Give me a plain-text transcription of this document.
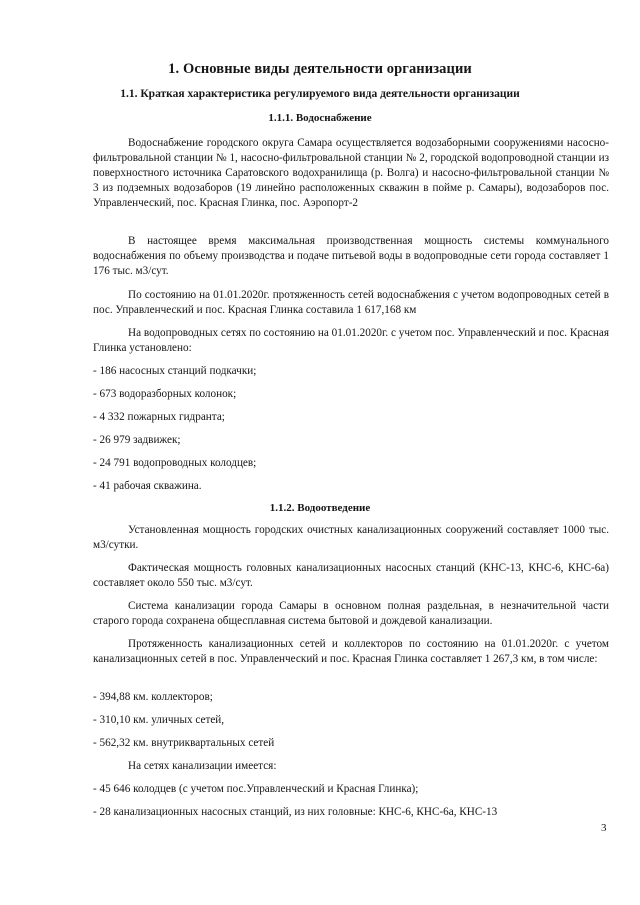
1. Основные виды деятельности организации
1.1. Краткая характеристика регулируемого вида деятельности организации
1.1.1. Водоснабжение

Водоснабжение городского округа Самара осуществляется водозаборными сооружениями насосно-фильтровальной станции № 1, насосно-фильтровальной станции № 2, городской водопроводной станции из поверхностного источника Саратовского водохранилища (р. Волга) и насосно-фильтровальной станции № 3 из подземных водозаборов (19 линейно расположенных скважин в пойме р. Самары), водозаборов пос. Управленческий, пос. Красная Глинка, пос. Аэропорт-2

В настоящее время максимальная производственная мощность системы коммунального водоснабжения по объему производства и подаче питьевой воды в водопроводные сети города составляет 1 176 тыс. м3/сут.

По состоянию на 01.01.2020г. протяженность сетей водоснабжения с учетом водопроводных сетей в пос. Управленческий и пос. Красная Глинка составила 1 617,168 км

На водопроводных сетях по состоянию на 01.01.2020г. с учетом пос. Управленческий и пос. Красная Глинка установлено:

- 186 насосных станций подкачки;

- 673 водоразборных колонок;

- 4 332 пожарных гидранта;

- 26 979 задвижек;

- 24 791 водопроводных колодцев;

- 41 рабочая скважина.

1.1.2. Водоотведение

Установленная мощность городских очистных канализационных сооружений составляет 1000 тыс. м3/сутки.

Фактическая мощность головных канализационных насосных станций (КНС-13, КНС-6, КНС-6а) составляет около 550 тыс. м3/сут.

Система канализации города Самары в основном полная раздельная, в незначительной части старого города сохранена общесплавная система бытовой и дождевой канализации.

Протяженность канализационных сетей и коллекторов по состоянию на 01.01.2020г. с учетом канализационных сетей в пос. Управленческий и пос. Красная Глинка составляет 1 267,3 км, в том числе:

- 394,88 км. коллекторов;

- 310,10 км. уличных сетей,

- 562,32 км. внутриквартальных сетей

На сетях канализации имеется:

- 45 646 колодцев (с учетом пос.Управленческий и Красная Глинка);

- 28 канализационных насосных станций, из них головные: КНС-6, КНС-6а, КНС-13

3
